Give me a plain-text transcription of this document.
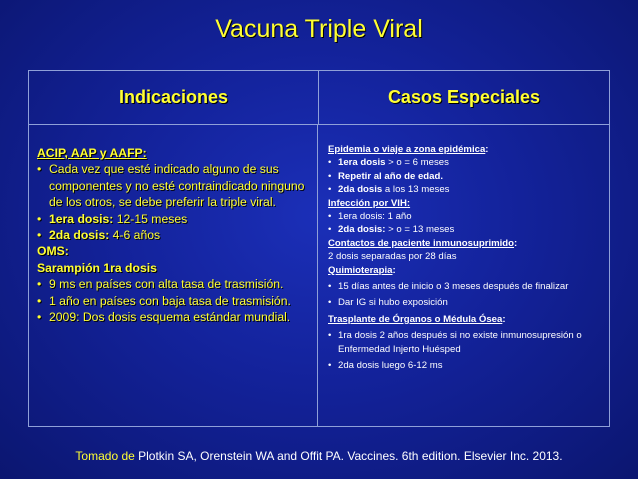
Vacuna Triple Viral
Indicaciones	Casos Especiales
ACIP, AAP y AAFP:
• Cada vez que esté indicado alguno de sus componentes y no esté contraindicado ninguno de los otros, se debe preferir la triple viral.
• 1era dosis: 12-15 meses
• 2da dosis: 4-6 años
OMS:
Sarampión 1ra dosis
• 9 ms en países con alta tasa de trasmisión.
• 1 año en países con baja tasa de trasmisión.
• 2009: Dos dosis esquema estándar mundial.
Epidemia o viaje a zona epidémica:
• 1era dosis > o = 6 meses
• Repetir al año de edad.
• 2da dosis a los 13 meses
Infección por VIH:
• 1era dosis: 1 año
• 2da dosis: > o = 13 meses
Contactos de paciente inmunosuprimido:
2 dosis separadas por 28 días
Quimioterapia:
• 15 días antes de inicio o 3 meses después de finalizar
• Dar IG si hubo exposición
Trasplante de Órganos o Médula Ósea:
• 1ra dosis 2 años después si no existe inmunosupresión o Enfermedad Injerto Huésped
• 2da dosis luego 6-12 ms
Tomado de Plotkin SA, Orenstein WA and Offit PA. Vaccines. 6th edition. Elsevier Inc. 2013.
